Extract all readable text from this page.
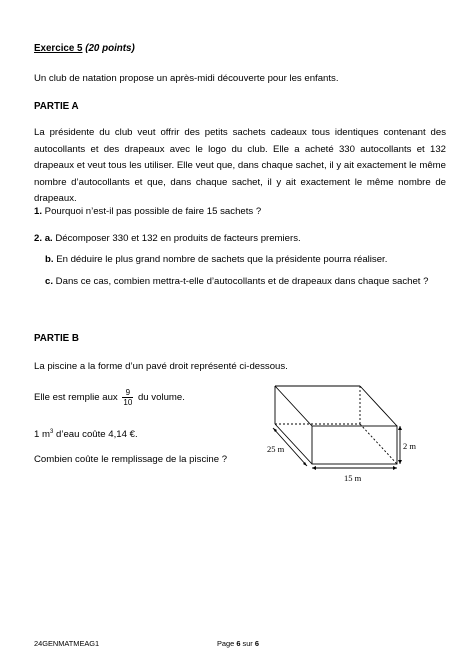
Exercice 5 (20 points)
Un club de natation propose un après-midi découverte pour les enfants.
PARTIE A
La présidente du club veut offrir des petits sachets cadeaux tous identiques contenant des autocollants et des drapeaux avec le logo du club. Elle a acheté 330 autocollants et 132 drapeaux et veut tous les utiliser. Elle veut que, dans chaque sachet, il y ait exactement le même nombre d’autocollants et que, dans chaque sachet, il y ait exactement le même nombre de drapeaux.
1. Pourquoi n’est-il pas possible de faire 15 sachets ?
2. a. Décomposer 330 et 132 en produits de facteurs premiers.
b. En déduire le plus grand nombre de sachets que la présidente pourra réaliser.
c. Dans ce cas, combien mettra-t-elle d’autocollants et de drapeaux dans chaque sachet ?
PARTIE B
La piscine a la forme d’un pavé droit représenté ci-dessous.
Elle est remplie aux $\frac{9}{10}$ du volume.
1 $m^3$ d’eau coûte 4,14 €.
Combien coûte le remplissage de la piscine ?
25 m	2 m
15 m
24GENMATMEAG1	Page 6 sur 6
